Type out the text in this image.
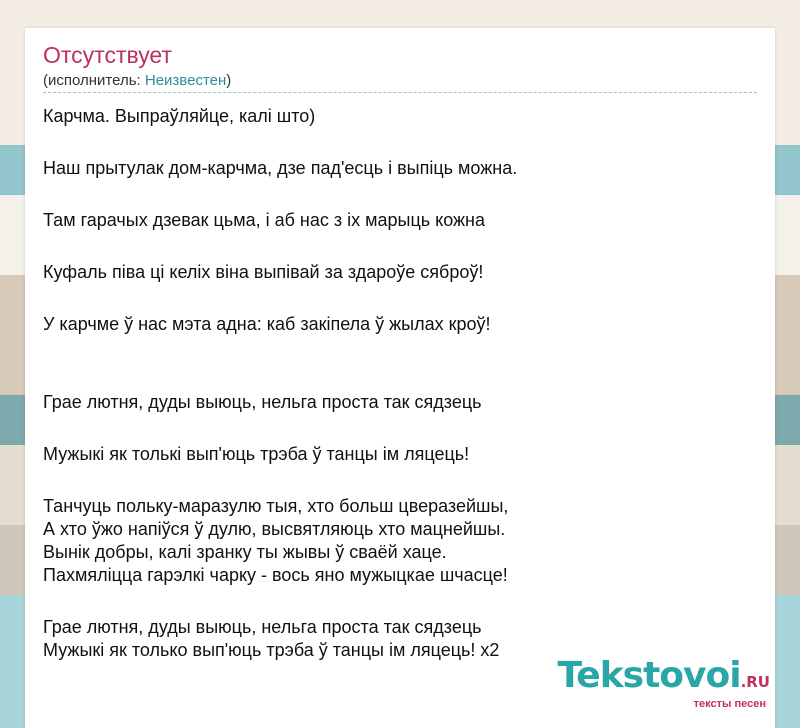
Отсутствует
(исполнитель: Неизвестен)
Карчма. Выпраўляйце, калі што)
Наш прытулак дом-карчма, дзе пад'есць і выпіць можна.
Там гарачых дзевак цьма, і аб нас з іх марыць кожна
Куфаль піва ці келіх віна выпівай за здароўе сяброў!
У карчме ў нас мэта адна: каб закіпела ў жылах кроў!
Грае лютня, дуды выюць, нельга проста так сядзець
Мужыкі як толькі вып'юць трэба ў танцы ім ляцець!
Танчуць польку-маразулю тыя, хто больш цверазейшы,
А хто ўжо напіўся ў дулю, высвятляюць хто мацнейшы.
Вынік добры, калі зранку ты жывы ў сваёй хаце.
Пахмяліцца гарэлкі чарку - вось яно мужыцкае шчасце!
Грае лютня, дуды выюць, нельга проста так сядзець
Мужыкі як только вып'юць трэба ў танцы ім ляцець! х2
Tekstovoi.RU
тексты песен
